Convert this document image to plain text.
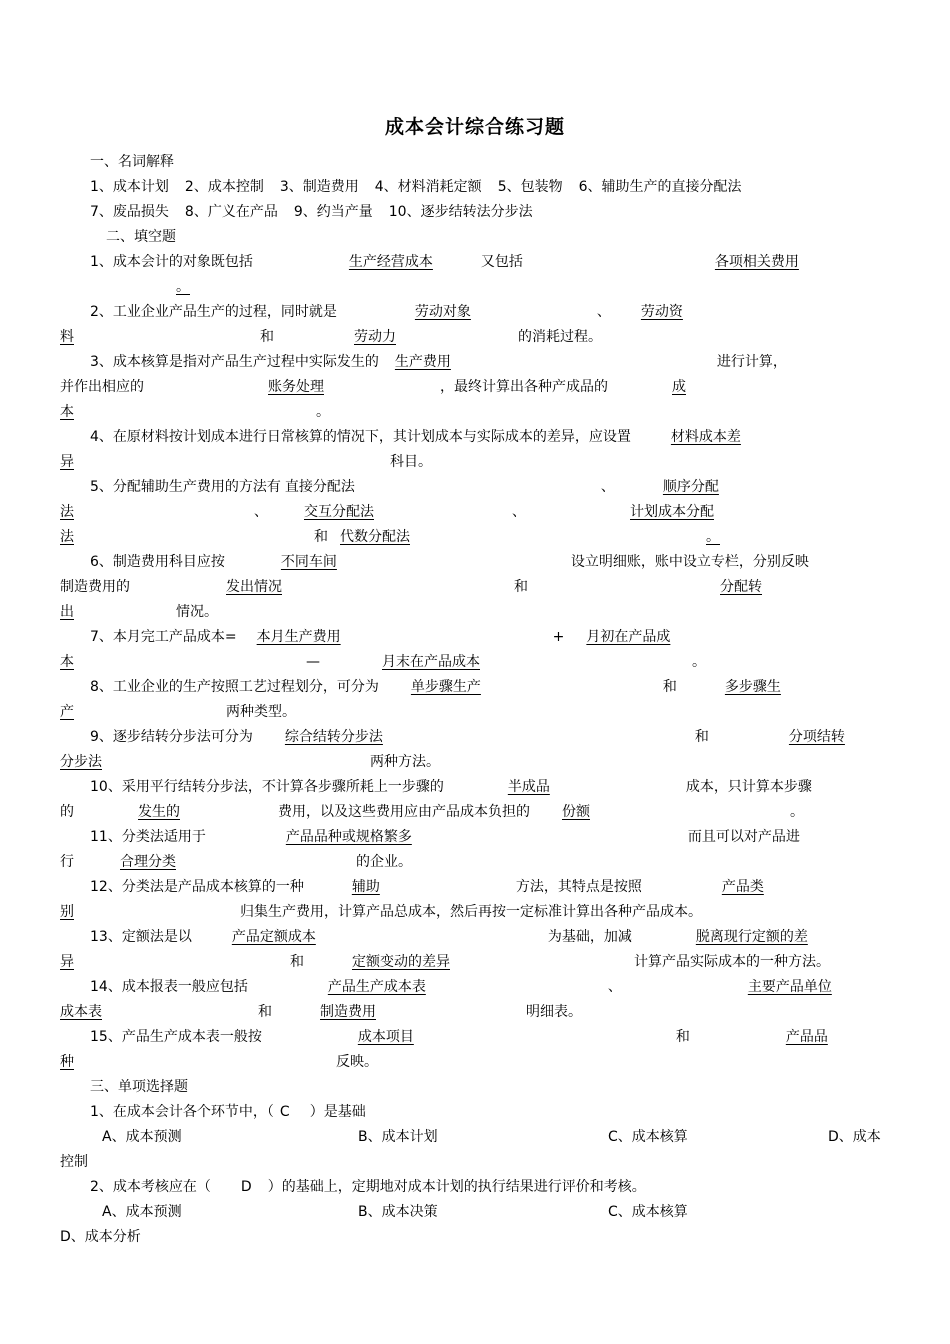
成本会计综合练习题
一、名词解释
1、成本计划 2、成本控制 3、制造费用 4、材料消耗定额 5、包装物 6、辅助生产的直接分配法
7、废品损失 8、广义在产品 9、约当产量 10、逐步结转法分步法
二、填空题
1、成本会计的对象既包括	生产经营成本	又包括	各项相关费用
。
2、工业企业产品生产的过程，同时就是	劳动对象	、 劳动资
料	和	劳动力	的消耗过程。
3、成本核算是指对产品生产过程中实际发生的 生产费用	进行计算，
并作出相应的	账务处理	，最终计算出各种产成品的	成
本	。
4、在原材料按计划成本进行日常核算的情况下，其计划成本与实际成本的差异，应设置	材料成本差
异	科目。
5、分配辅助生产费用的方法有 直接分配法	、	顺序分配
法	、	交互分配法	、	计划成本分配
法	和 代数分配法	。
6、制造费用科目应按	不同车间	设立明细账，账中设立专栏，分别反映
制造费用的	发出情况	和	分配转
出	情况。
7、本月完工产品成本= 本月生产费用	+ 月初在产品成
本	—	月末在产品成本	。
8、工业企业的生产按照工艺过程划分，可分为 单步骤生产	和	多步骤生
产	两种类型。
9、逐步结转分步法可分为 综合结转分步法	和	分项结转
分步法	两种方法。
10、采用平行结转分步法，不计算各步骤所耗上一步骤的	半成品	成本，只计算本步骤
的	发生的	费用，以及这些费用应由产品成本负担的 份额	。
11、分类法适用于	产品品种或规格繁多	而且可以对产品进
行	合理分类	的企业。
12、分类法是产品成本核算的一种	辅助	方法，其特点是按照	产品类
别	归集生产费用，计算产品总成本，然后再按一定标准计算出各种产品成本。
13、定额法是以	产品定额成本	为基础，加减	脱离现行定额的差
异	和	定额变动的差异	计算产品实际成本的一种方法。
14、成本报表一般应包括	产品生产成本表	、	主要产品单位
成本表	和	制造费用	明细表。
15、产品生产成本表一般按	成本项目	和	产品品
种	反映。
三、单项选择题
1、在成本会计各个环节中，（ C ）是基础
A、成本预测	B、成本计划	C、成本核算	D、成本
控制
2、成本考核应在（ D ）的基础上，定期地对成本计划的执行结果进行评价和考核。
A、成本预测	B、成本决策	C、成本核算
D、成本分析
